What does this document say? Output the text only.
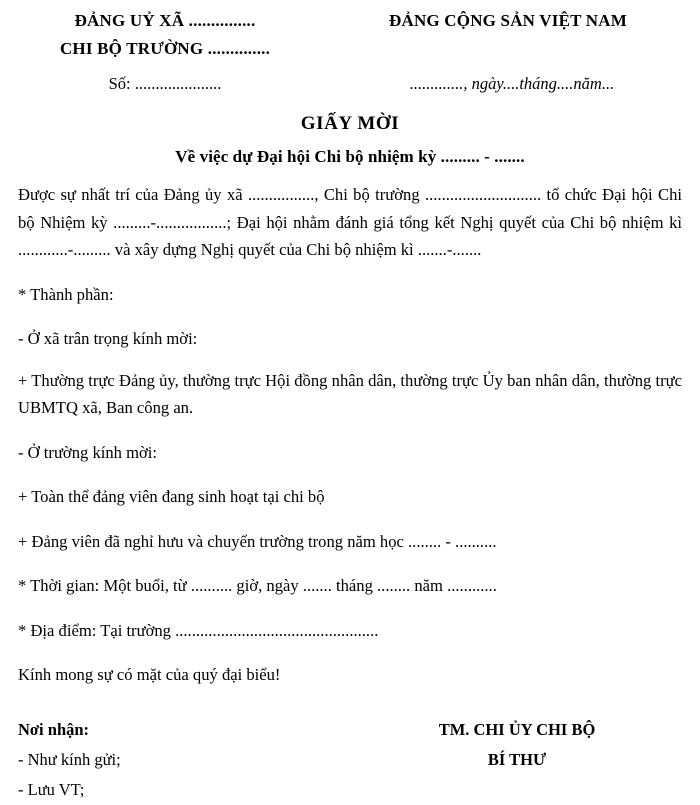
ĐẢNG UỶ XÃ ...............
CHI BỘ TRƯỜNG ..............
ĐẢNG CỘNG SẢN VIỆT NAM
Số: .....................	............., ngày....tháng....năm...
GIẤY MỜI
Về việc dự Đại hội Chi bộ nhiệm kỳ ......... - .......
Được sự nhất trí của Đảng ủy xã ................, Chi bộ trường ............................ tổ chức Đại hội Chi bộ Nhiệm kỳ .........-.................; Đại hội nhằm đánh giá tổng kết Nghị quyết của Chi bộ nhiệm kì ............-......... và xây dựng Nghị quyết của Chi bộ nhiệm kì .......-.......
* Thành phần:
- Ở xã trân trọng kính mời:
+ Thường trực Đảng ủy, thường trực Hội đồng nhân dân, thường trực Ủy ban nhân dân, thường trực UBMTQ xã, Ban công an.
- Ở trường kính mời:
+ Toàn thể đảng viên đang sinh hoạt tại chi bộ
+ Đảng viên đã nghỉ hưu và chuyển trường trong năm học ........ - ..........
* Thời gian: Một buổi, từ .......... giờ, ngày ....... tháng ........ năm ............
* Địa điểm: Tại trường .................................................
Kính mong sự có mặt của quý đại biểu!
Nơi nhận:
- Như kính gửi;
- Lưu VT;
TM. CHI ỦY CHI BỘ
BÍ THƯ
